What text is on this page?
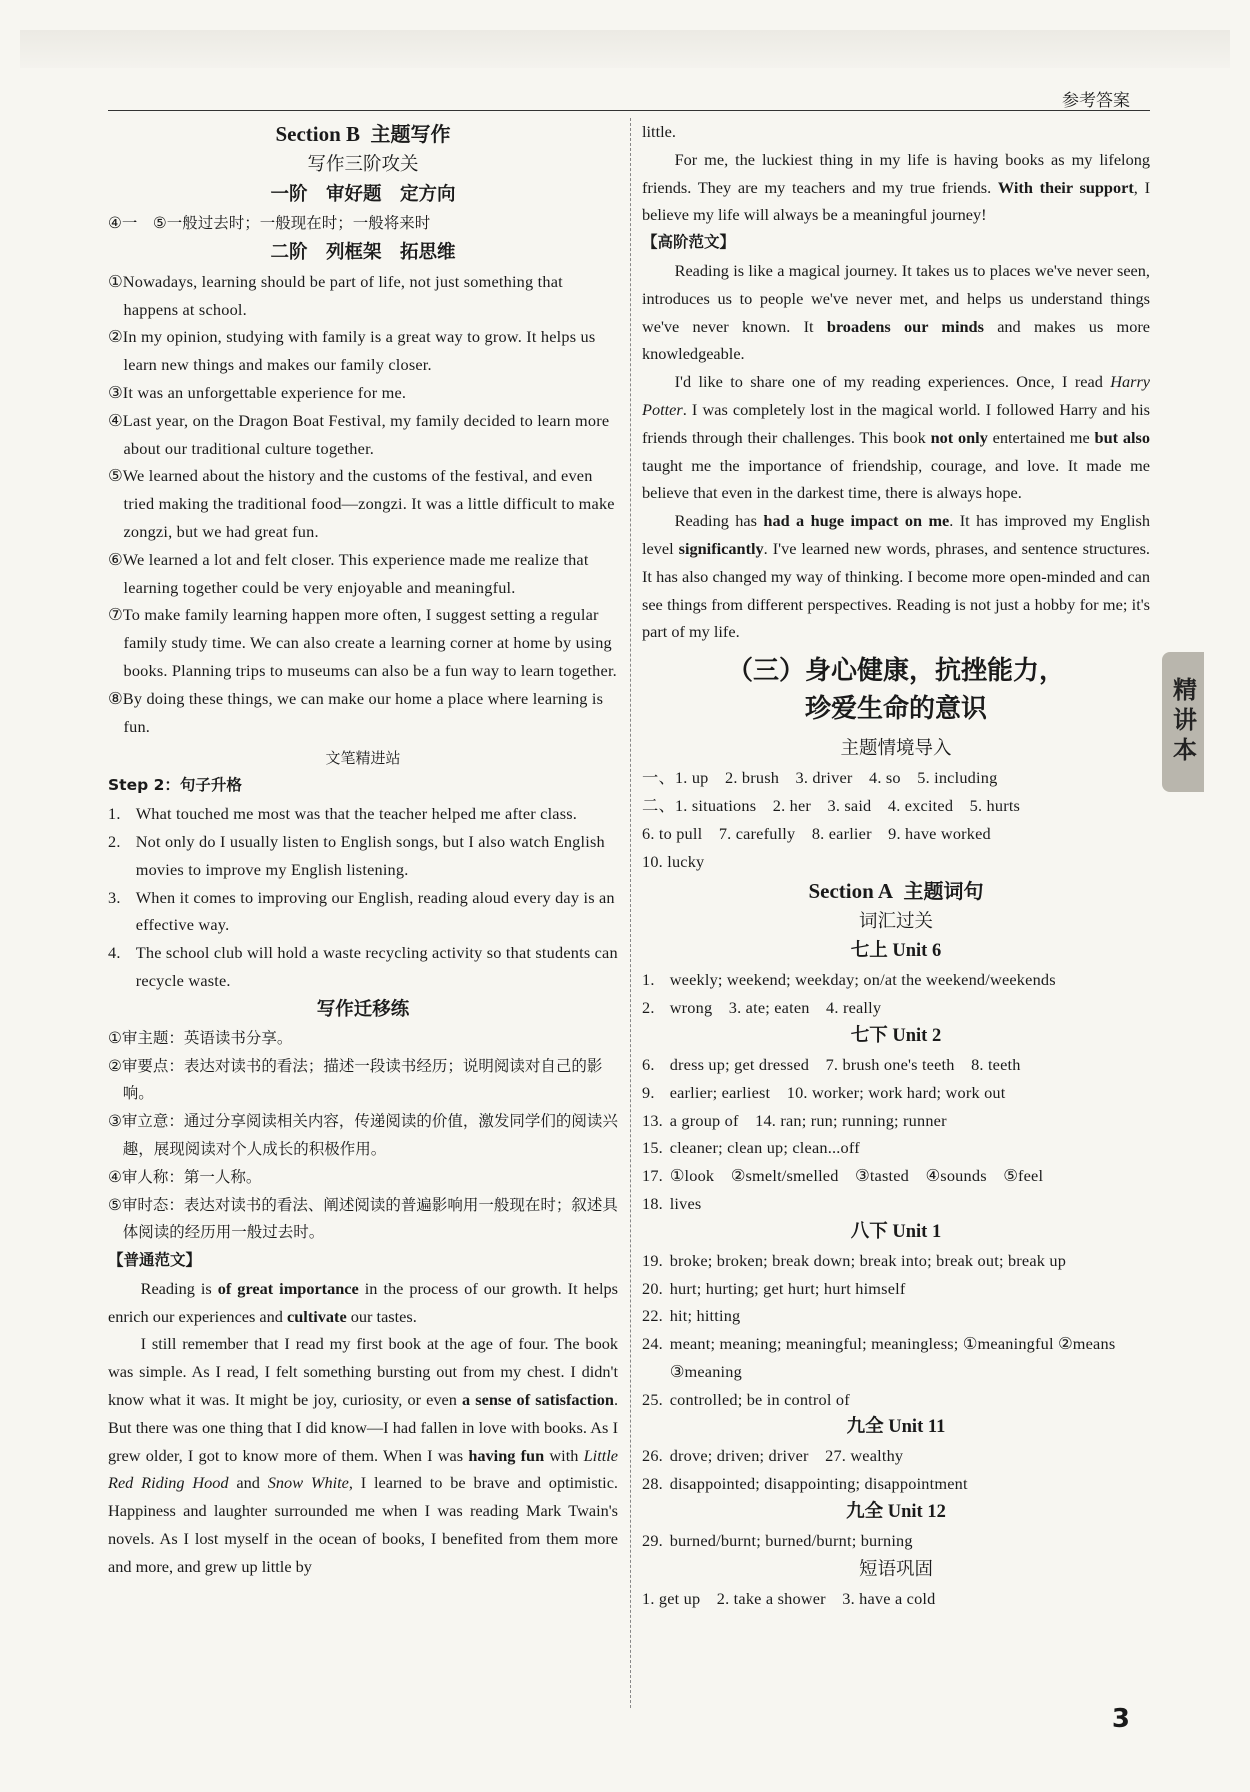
参考答案
Section B 主题写作
写作三阶攻关
一阶　审好题　定方向
④一　⑤一般过去时；一般现在时；一般将来时
二阶　列框架　拓思维
①Nowadays, learning should be part of life, not just something that happens at school.
②In my opinion, studying with family is a great way to grow. It helps us learn new things and makes our family closer.
③It was an unforgettable experience for me.
④Last year, on the Dragon Boat Festival, my family decided to learn more about our traditional culture together.
⑤We learned about the history and the customs of the festival, and even tried making the traditional food—zongzi. It was a little difficult to make zongzi, but we had great fun.
⑥We learned a lot and felt closer. This experience made me realize that learning together could be very enjoyable and meaningful.
⑦To make family learning happen more often, I suggest setting a regular family study time. We can also create a learning corner at home by using books. Planning trips to museums can also be a fun way to learn together.
⑧By doing these things, we can make our home a place where learning is fun.
文笔精进站
Step 2：句子升格
1. What touched me most was that the teacher helped me after class.
2. Not only do I usually listen to English songs, but I also watch English movies to improve my English listening.
3. When it comes to improving our English, reading aloud every day is an effective way.
4. The school club will hold a waste recycling activity so that students can recycle waste.
写作迁移练
①审主题：英语读书分享。
②审要点：表达对读书的看法；描述一段读书经历；说明阅读对自己的影响。
③审立意：通过分享阅读相关内容，传递阅读的价值，激发同学们的阅读兴趣，展现阅读对个人成长的积极作用。
④审人称：第一人称。
⑤审时态：表达对读书的看法、阐述阅读的普遍影响用一般现在时；叙述具体阅读的经历用一般过去时。
【普通范文】
Reading is of great importance in the process of our growth. It helps enrich our experiences and cultivate our tastes.
I still remember that I read my first book at the age of four. The book was simple. As I read, I felt something bursting out from my chest. I didn't know what it was. It might be joy, curiosity, or even a sense of satisfaction. But there was one thing that I did know—I had fallen in love with books. As I grew older, I got to know more of them. When I was having fun with Little Red Riding Hood and Snow White, I learned to be brave and optimistic. Happiness and laughter surrounded me when I was reading Mark Twain's novels. As I lost myself in the ocean of books, I benefited from them more and more, and grew up little by
little.
For me, the luckiest thing in my life is having books as my lifelong friends. They are my teachers and my true friends. With their support, I believe my life will always be a meaningful journey!
【高阶范文】
Reading is like a magical journey. It takes us to places we've never seen, introduces us to people we've never met, and helps us understand things we've never known. It broadens our minds and makes us more knowledgeable.
I'd like to share one of my reading experiences. Once, I read Harry Potter. I was completely lost in the magical world. I followed Harry and his friends through their challenges. This book not only entertained me but also taught me the importance of friendship, courage, and love. It made me believe that even in the darkest time, there is always hope.
Reading has had a huge impact on me. It has improved my English level significantly. I've learned new words, phrases, and sentence structures. It has also changed my way of thinking. I become more open-minded and can see things from different perspectives. Reading is not just a hobby for me; it's part of my life.
（三）身心健康，抗挫能力，
珍爱生命的意识
主题情境导入
一、1. up　2. brush　3. driver　4. so　5. including
二、1. situations　2. her　3. said　4. excited　5. hurts
6. to pull　7. carefully　8. earlier　9. have worked
10. lucky
Section A 主题词句
词汇过关
七上 Unit 6
1. weekly; weekend; weekday; on/at the weekend/weekends
2. wrong　3. ate; eaten　4. really
七下 Unit 2
6. dress up; get dressed　7. brush one's teeth　8. teeth
9. earlier; earliest　10. worker; work hard; work out
13. a group of　14. ran; run; running; runner
15. cleaner; clean up; clean...off
17. ①look　②smelt/smelled　③tasted　④sounds　⑤feel
18. lives
八下 Unit 1
19. broke; broken; break down; break into; break out; break up
20. hurt; hurting; get hurt; hurt himself
22. hit; hitting
24. meant; meaning; meaningful; meaningless; ①meaningful ②means ③meaning
25. controlled; be in control of
九全 Unit 11
26. drove; driven; driver　27. wealthy
28. disappointed; disappointing; disappointment
九全 Unit 12
29. burned/burnt; burned/burnt; burning
短语巩固
1. get up　2. take a shower　3. have a cold
精讲本
3
